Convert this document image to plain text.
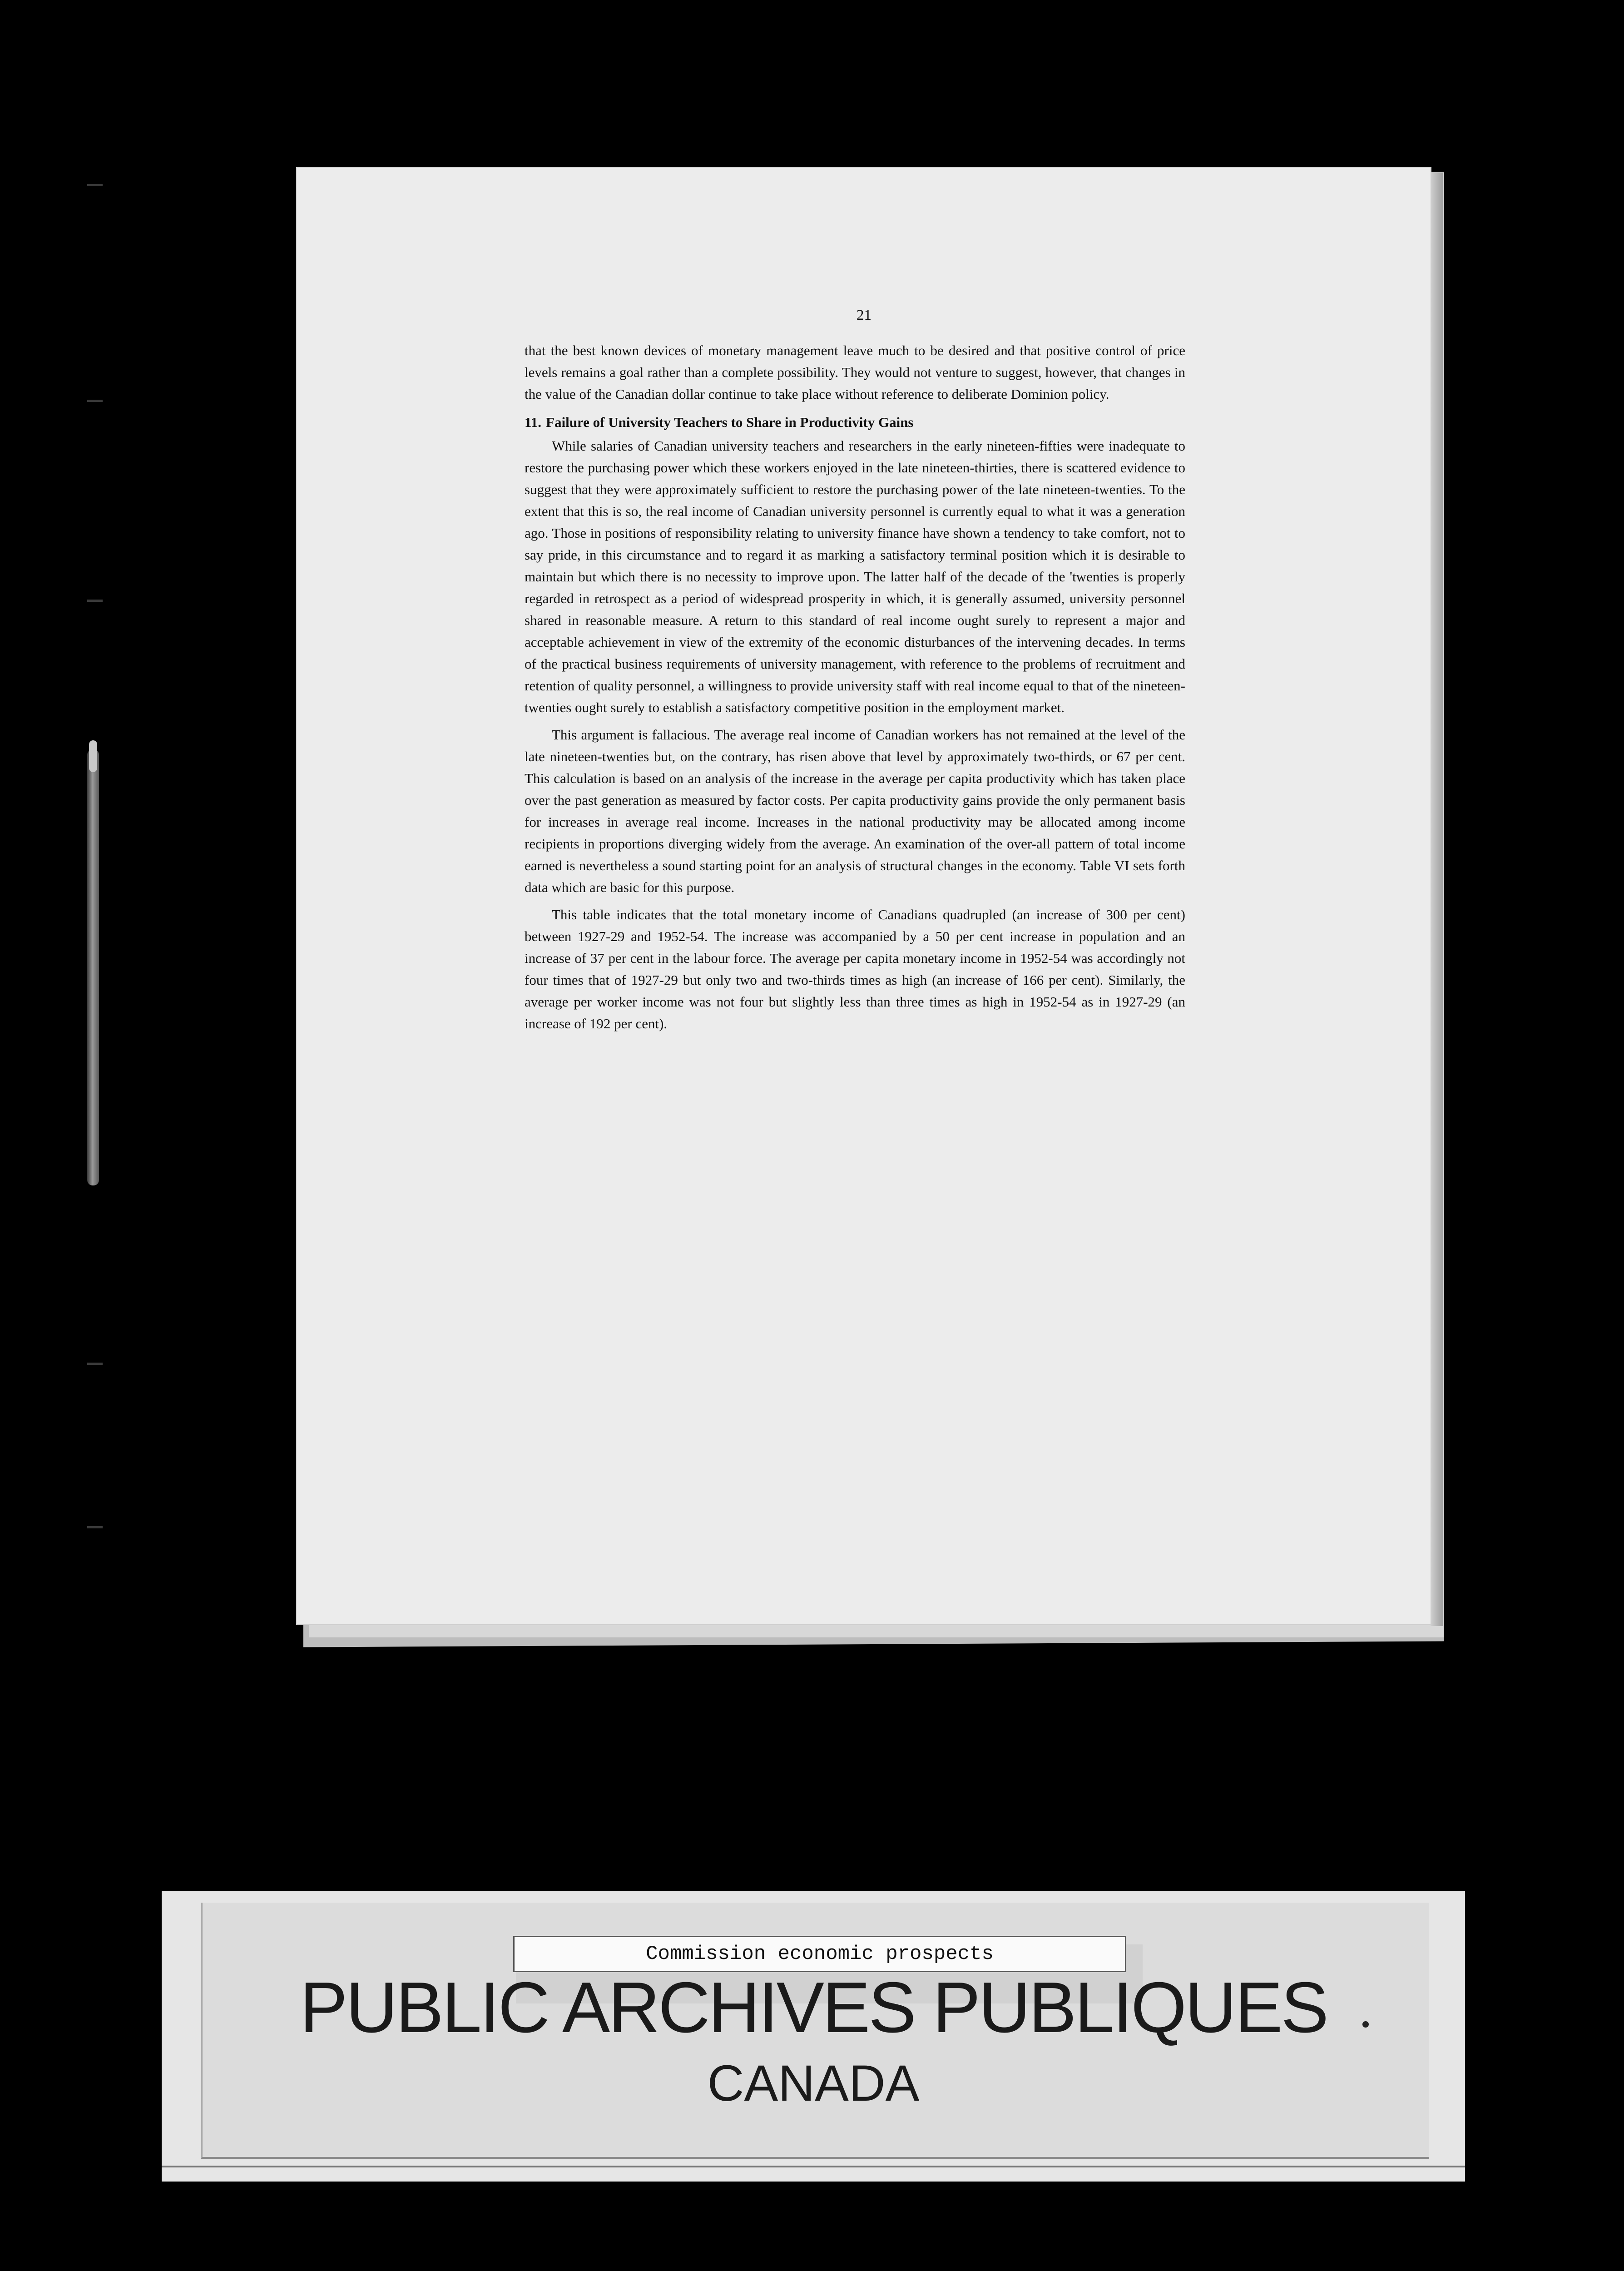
21

that the best known devices of monetary management leave much to be desired and that positive control of price levels remains a goal rather than a complete possibility. They would not venture to suggest, however, that changes in the value of the Canadian dollar continue to take place without reference to deliberate Dominion policy.

11. Failure of University Teachers to Share in Productivity Gains

While salaries of Canadian university teachers and researchers in the early nineteen-fifties were inadequate to restore the purchasing power which these workers enjoyed in the late nineteen-thirties, there is scattered evidence to suggest that they were approximately sufficient to restore the purchasing power of the late nineteen-twenties. To the extent that this is so, the real income of Canadian university personnel is currently equal to what it was a generation ago. Those in positions of responsibility relating to university finance have shown a tendency to take comfort, not to say pride, in this circumstance and to regard it as marking a satisfactory terminal position which it is desirable to maintain but which there is no necessity to improve upon. The latter half of the decade of the 'twenties is properly regarded in retrospect as a period of widespread prosperity in which, it is generally assumed, university personnel shared in reasonable measure. A return to this standard of real income ought surely to represent a major and acceptable achievement in view of the extremity of the economic disturbances of the intervening decades. In terms of the practical business requirements of university management, with reference to the problems of recruitment and retention of quality personnel, a willingness to provide university staff with real income equal to that of the nineteen-twenties ought surely to establish a satisfactory competitive position in the employment market.

This argument is fallacious. The average real income of Canadian workers has not remained at the level of the late nineteen-twenties but, on the contrary, has risen above that level by approximately two-thirds, or 67 per cent. This calculation is based on an analysis of the increase in the average per capita productivity which has taken place over the past generation as measured by factor costs. Per capita productivity gains provide the only permanent basis for increases in average real income. Increases in the national productivity may be allocated among income recipients in proportions diverging widely from the average. An examination of the over-all pattern of total income earned is nevertheless a sound starting point for an analysis of structural changes in the economy. Table VI sets forth data which are basic for this purpose.

This table indicates that the total monetary income of Canadians quadrupled (an increase of 300 per cent) between 1927-29 and 1952-54. The increase was accompanied by a 50 per cent increase in population and an increase of 37 per cent in the labour force. The average per capita monetary income in 1952-54 was accordingly not four times that of 1927-29 but only two and two-thirds times as high (an increase of 166 per cent). Similarly, the average per worker income was not four but slightly less than three times as high in 1952-54 as in 1927-29 (an increase of 192 per cent).

Commission economic prospects
PUBLIC ARCHIVES PUBLIQUES
CANADA
